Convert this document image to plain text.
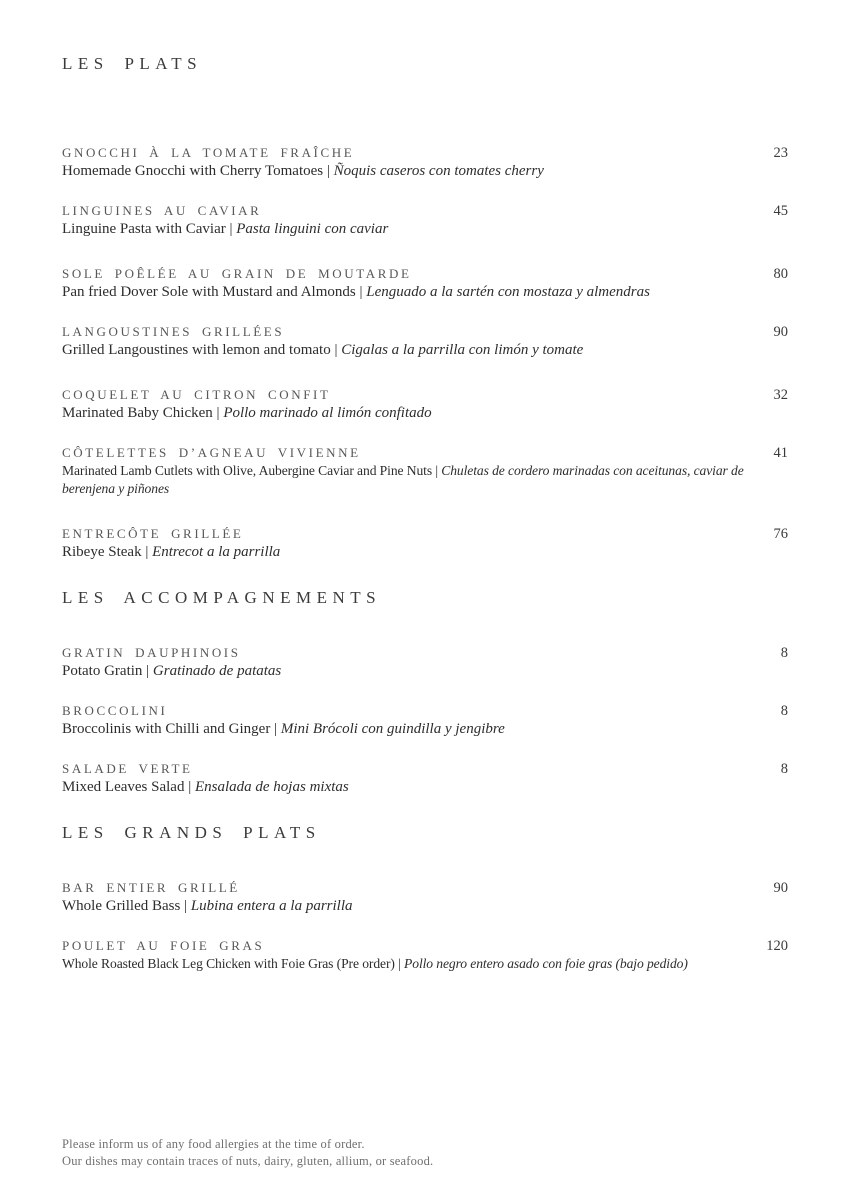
LES PLATS
GNOCCHI À LA TOMATE FRAÎCHE	23
Homemade Gnocchi with Cherry Tomatoes | Ñoquis caseros con tomates cherry
LINGUINES AU CAVIAR	45
Linguine Pasta with Caviar | Pasta linguini con caviar
SOLE POÊLÉE AU GRAIN DE MOUTARDE	80
Pan fried Dover Sole with Mustard and Almonds | Lenguado a la sartén con mostaza y almendras
LANGOUSTINES GRILLÉES	90
Grilled Langoustines with lemon and tomato | Cigalas a la parrilla con limón y tomate
COQUELET AU CITRON CONFIT	32
Marinated Baby Chicken | Pollo marinado al limón confitado
CÔTELETTES D’AGNEAU VIVIENNE	41
Marinated Lamb Cutlets with Olive, Aubergine Caviar and Pine Nuts | Chuletas de cordero marinadas con aceitunas, caviar de berenjena y piñones
ENTRECÔTE GRILLÉE	76
Ribeye Steak | Entrecot a la parrilla
LES ACCOMPAGNEMENTS
GRATIN DAUPHINOIS	8
Potato Gratin | Gratinado de patatas
BROCCOLINI	8
Broccolinis with Chilli and Ginger | Mini Brócoli con guindilla y jengibre
SALADE VERTE	8
Mixed Leaves Salad | Ensalada de hojas mixtas
LES GRANDS PLATS
BAR ENTIER GRILLÉ	90
Whole Grilled Bass | Lubina entera a la parrilla
POULET AU FOIE GRAS	120
Whole Roasted Black Leg Chicken with Foie Gras (Pre order) | Pollo negro entero asado con foie gras (bajo pedido)
Please inform us of any food allergies at the time of order.
Our dishes may contain traces of nuts, dairy, gluten, allium, or seafood.
